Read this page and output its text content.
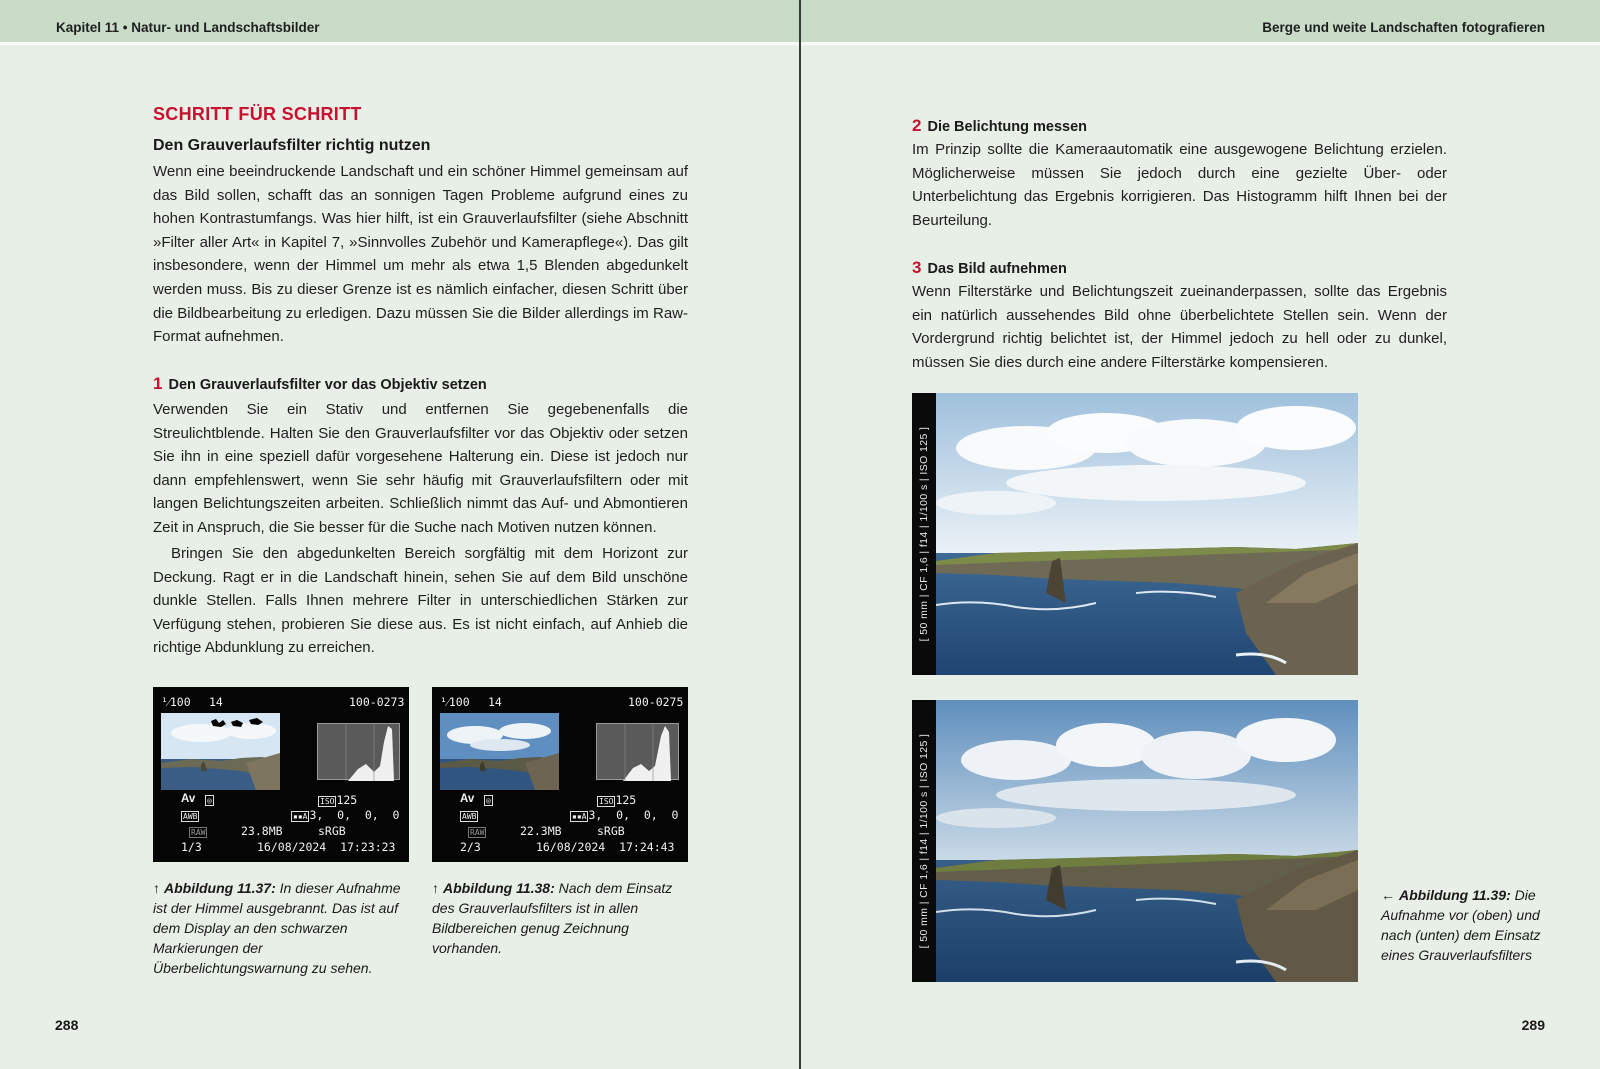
Kapitel 11 • Natur- und Landschaftsbilder
SCHRITT FÜR SCHRITT
Den Grauverlaufsfilter richtig nutzen

Wenn eine beeindruckende Landschaft und ein schöner Himmel gemeinsam auf das Bild sollen, schafft das an sonnigen Tagen Probleme aufgrund eines zu hohen Kontrastumfangs. Was hier hilft, ist ein Grauverlaufsfilter (siehe Abschnitt »Filter aller Art« in Kapitel 7, »Sinnvolles Zubehör und Kamerapflege«). Das gilt insbesondere, wenn der Himmel um mehr als etwa 1,5 Blenden abgedunkelt werden muss. Bis zu dieser Grenze ist es nämlich einfacher, diesen Schritt über die Bildbearbeitung zu erledigen. Dazu müssen Sie die Bilder allerdings im Raw-Format aufnehmen.

1 Den Grauverlaufsfilter vor das Objektiv setzen

Verwenden Sie ein Stativ und entfernen Sie gegebenenfalls die Streulichtblende. Halten Sie den Grauverlaufsfilter vor das Objektiv oder setzen Sie ihn in eine speziell dafür vorgesehene Halterung ein. Diese ist jedoch nur dann empfehlenswert, wenn Sie sehr häufig mit Grauverlaufsfiltern oder mit langen Belichtungszeiten arbeiten. Schließlich nimmt das Auf- und Abmontieren Zeit in Anspruch, die Sie besser für die Suche nach Motiven nutzen können.

Bringen Sie den abgedunkelten Bereich sorgfältig mit dem Horizont zur Deckung. Ragt er in die Landschaft hinein, sehen Sie auf dem Bild unschöne dunkle Stellen. Falls Ihnen mehrere Filter in unterschiedlichen Stärken zur Verfügung stehen, probieren Sie diese aus. Es ist nicht einfach, auf Anhieb die richtige Abdunklung zu erreichen.

¹⁄100 14	100-0273
Av ◎	ISO 125
AWB	▪▪A 3,  0,  0,  0
RAW	23.8MB	sRGB
1/3	16/08/2024  17:23:23
¹⁄100 14	100-0275
Av ◎	ISO 125
AWB	▪▪A 3,  0,  0,  0
RAW	22.3MB	sRGB
2/3	16/08/2024  17:24:43
↑ Abbildung 11.37: In dieser Aufnahme ist der Himmel ausgebrannt. Das ist auf dem Display an den schwarzen Markierungen der Überbelichtungswarnung zu sehen.
↑ Abbildung 11.38: Nach dem Einsatz des Grauverlaufsfilters ist in allen Bildbereichen genug Zeichnung vorhanden.
288
Berge und weite Landschaften fotografieren
2 Die Belichtung messen

Im Prinzip sollte die Kameraautomatik eine ausgewogene Belichtung erzielen. Möglicherweise müssen Sie jedoch durch eine gezielte Über- oder Unterbelichtung das Ergebnis korrigieren. Das Histogramm hilft Ihnen bei der Beurteilung.

3 Das Bild aufnehmen

Wenn Filterstärke und Belichtungszeit zueinanderpassen, sollte das Ergebnis ein natürlich aussehendes Bild ohne überbelichtete Stellen sein. Wenn der Vordergrund richtig belichtet ist, der Himmel jedoch zu hell oder zu dunkel, müssen Sie dies durch eine andere Filterstärke kompensieren.

← Abbildung 11.39: Die Aufnahme vor (oben) und nach (unten) dem Einsatz eines Grauverlaufsfilters
289
[ 50 mm | CF 1,6 | f14 | 1/100 s | ISO 125 ]
[ 50 mm | CF 1,6 | f14 | 1/100 s | ISO 125 ]
